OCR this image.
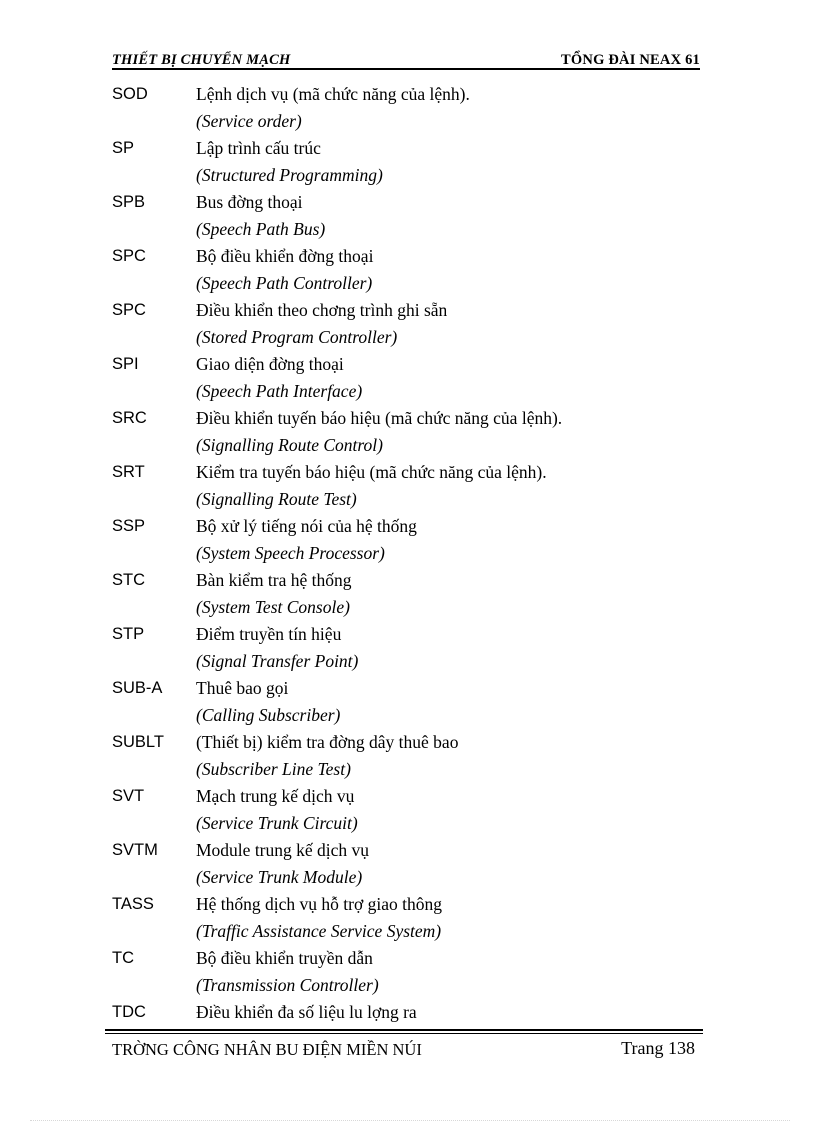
THIẾT BỊ CHUYỂN MẠCH	TỔNG ĐÀI NEAX 61
SOD	Lệnh dịch vụ (mã chức năng của lệnh).
(Service order)
SP	Lập trình cấu trúc
(Structured Programming)
SPB	Bus đờng thoại
(Speech Path Bus)
SPC	Bộ điều khiển đờng thoại
(Speech Path Controller)
SPC	Điều khiển theo chơng trình ghi sẵn
(Stored Program Controller)
SPI	Giao diện đờng thoại
(Speech Path Interface)
SRC	Điều khiển tuyến báo hiệu (mã chức năng của lệnh).
(Signalling Route Control)
SRT	Kiểm tra tuyến báo hiệu (mã chức năng của lệnh).
(Signalling Route Test)
SSP	Bộ xử lý tiếng nói của hệ thống
(System Speech Processor)
STC	Bàn kiểm tra hệ thống
(System Test Console)
STP	Điểm truyền tín hiệu
(Signal Transfer Point)
SUB-A Thuê bao gọi
(Calling Subscriber)
SUBLT (Thiết bị) kiểm tra đờng dây thuê bao
(Subscriber Line Test)
SVT	Mạch trung kế dịch vụ
(Service Trunk Circuit)
SVTM Module trung kế dịch vụ
(Service Trunk Module)
TASS Hệ thống dịch vụ hỗ trợ giao thông
(Traffic Assistance Service System)
TC	Bộ điều khiển truyền dẫn
(Transmission Controller)
TDC	Điều khiển đa số liệu lu lợng ra
TRỜNG CÔNG NHÂN BU ĐIỆN MIỀN NÚI	Trang 138
